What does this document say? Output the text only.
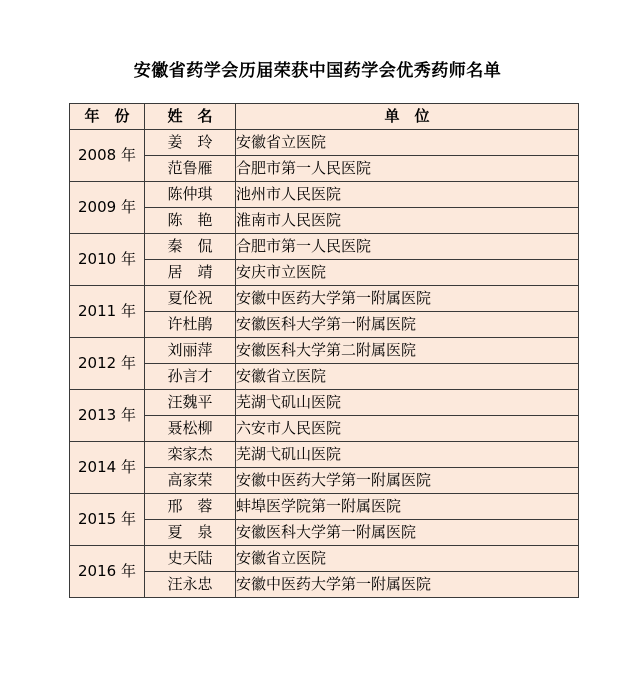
安徽省药学会历届荣获中国药学会优秀药师名单
年　份	姓　名	单　位
2008 年	姜　玲	安徽省立医院
	范鲁雁	合肥市第一人民医院
2009 年	陈仲琪	池州市人民医院
	陈　艳	淮南市人民医院
2010 年	秦　侃	合肥市第一人民医院
	居　靖	安庆市立医院
2011 年	夏伦祝	安徽中医药大学第一附属医院
	许杜鹃	安徽医科大学第一附属医院
2012 年	刘丽萍	安徽医科大学第二附属医院
	孙言才	安徽省立医院
2013 年	汪魏平	芜湖弋矶山医院
	聂松柳	六安市人民医院
2014 年	栾家杰	芜湖弋矶山医院
	高家荣	安徽中医药大学第一附属医院
2015 年	邢　蓉	蚌埠医学院第一附属医院
	夏　泉	安徽医科大学第一附属医院
2016 年	史天陆	安徽省立医院
	汪永忠	安徽中医药大学第一附属医院
